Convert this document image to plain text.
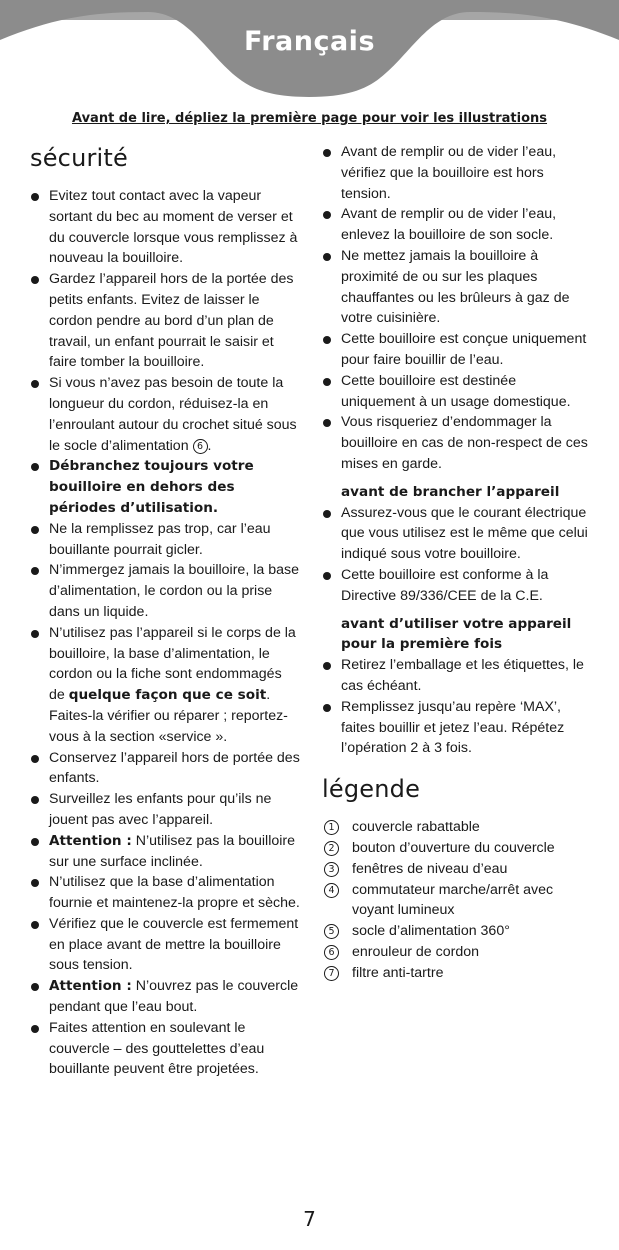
Français
Avant de lire, dépliez la première page pour voir les illustrations
sécurité
Evitez tout contact avec la vapeur sortant du bec au moment de verser et du couvercle lorsque vous remplissez à nouveau la bouilloire.
Gardez l’appareil hors de la portée des petits enfants. Evitez de laisser le cordon pendre au bord d’un plan de travail, un enfant pourrait le saisir et faire tomber la bouilloire.
Si vous n’avez pas besoin de toute la longueur du cordon, réduisez-la en l’enroulant autour du crochet situé sous le socle d’alimentation 6 .
Débranchez toujours votre bouilloire en dehors des périodes d’utilisation.
Ne la remplissez pas trop, car l’eau bouillante pourrait gicler.
N’immergez jamais la bouilloire, la base d’alimentation, le cordon ou la prise dans un liquide.
N’utilisez pas l’appareil si le corps de la bouilloire, la base d’alimentation, le cordon ou la fiche sont endommagés de quelque façon que ce soit. Faites-la vérifier ou réparer ; reportez-vous à la section «service ».
Conservez l’appareil hors de portée des enfants.
Surveillez les enfants pour qu’ils ne jouent pas avec l’appareil.
Attention : N’utilisez pas la bouilloire sur une surface inclinée.
N’utilisez que la base d’alimentation fournie et maintenez-la propre et sèche.
Vérifiez que le couvercle est fermement en place avant de mettre la bouilloire sous tension.
Attention : N’ouvrez pas le couvercle pendant que l’eau bout.
Faites attention en soulevant le couvercle – des gouttelettes d’eau bouillante peuvent être projetées.
Avant de remplir ou de vider l’eau, vérifiez que la bouilloire est hors tension.
Avant de remplir ou de vider l’eau, enlevez la bouilloire de son socle.
Ne mettez jamais la bouilloire à proximité de ou sur les plaques chauffantes ou les brûleurs à gaz de votre cuisinière.
Cette bouilloire est conçue uniquement pour faire bouillir de l’eau.
Cette bouilloire est destinée uniquement à un usage domestique.
Vous risqueriez d’endommager la bouilloire en cas de non-respect de ces mises en garde.
avant de brancher l’appareil
Assurez-vous que le courant électrique que vous utilisez est le même que celui indiqué sous votre bouilloire.
Cette bouilloire est conforme à la Directive 89/336/CEE de la C.E.
avant d’utiliser votre appareil pour la première fois
Retirez l’emballage et les étiquettes, le cas échéant.
Remplissez jusqu’au repère ‘MAX’, faites bouillir et jetez l’eau. Répétez l’opération 2 à 3 fois.
légende
1	couvercle rabattable
2	bouton d’ouverture du couvercle
3	fenêtres de niveau d’eau
4	commutateur marche/arrêt avec voyant lumineux
5	socle d’alimentation 360°
6	enrouleur de cordon
7	filtre anti-tartre
7
